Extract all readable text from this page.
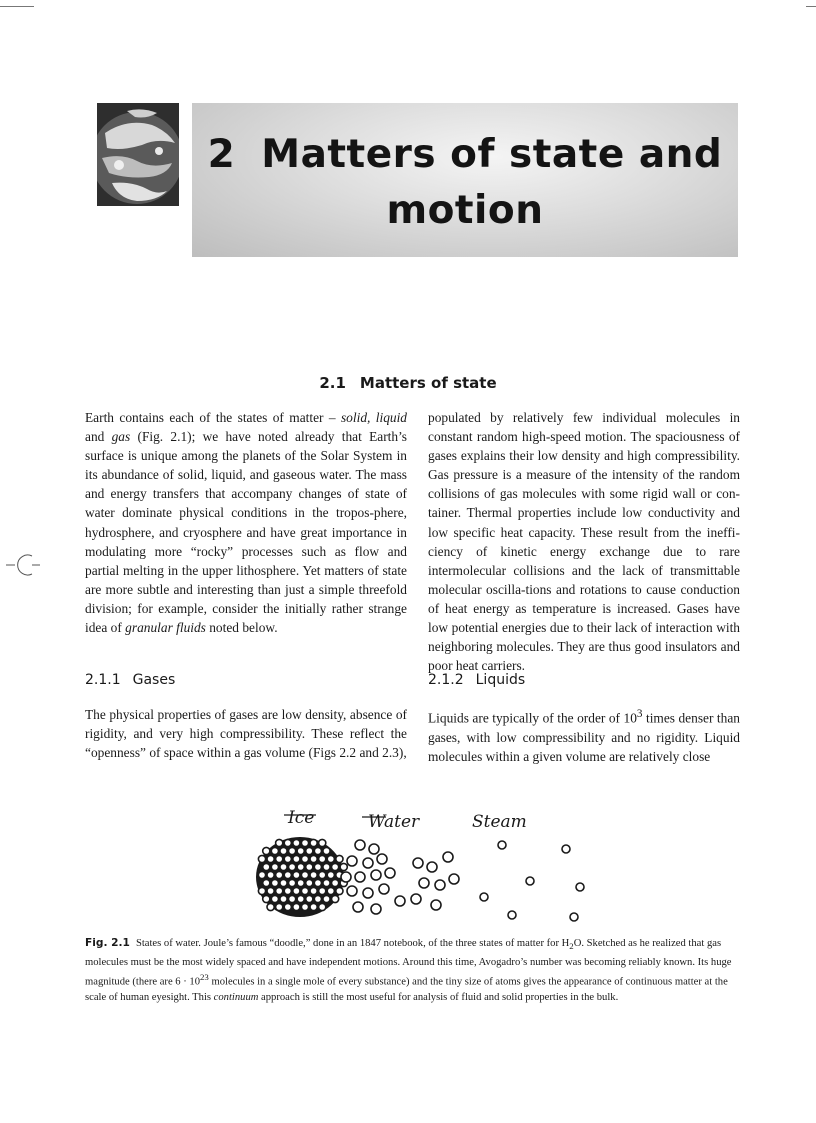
2 Matters of state and
motion
2.1 Matters of state

Earth contains each of the states of matter – solid, liquid and gas (Fig. 2.1); we have noted already that Earth’s surface is unique among the planets of the Solar System in its abundance of solid, liquid, and gaseous water. The mass and energy transfers that accompany changes of state of water dominate physical conditions in the tropos-phere, hydrosphere, and cryosphere and have great importance in modulating more “rocky” processes such as flow and partial melting in the upper lithosphere. Yet matters of state are more subtle and interesting than just a simple threefold division; for example, consider the initially rather strange idea of granular fluids noted below.

populated by relatively few individual molecules in constant random high-speed motion. The spaciousness of gases explains their low density and high compressibility. Gas pressure is a measure of the intensity of the random collisions of gas molecules with some rigid wall or con-tainer. Thermal properties include low conductivity and low specific heat capacity. These result from the ineffi-ciency of kinetic energy exchange due to rare intermolecular collisions and the lack of transmittable molecular oscilla-tions and rotations to cause conduction of heat energy as temperature is increased. Gases have low potential energies due to their lack of interaction with neighboring molecules. They are thus good insulators and poor heat carriers.

2.1.1 Gases	2.1.2 Liquids

The physical properties of gases are low density, absence of rigidity, and very high compressibility. These reflect the “openness” of space within a gas volume (Figs 2.2 and 2.3),

Liquids are typically of the order of $10^3$ times denser than gases, with low compressibility and no rigidity. Liquid molecules within a given volume are relatively close

Ice	Water	Steam
Fig. 2.1 States of water. Joule’s famous “doodle,” done in an 1847 notebook, of the three states of matter for $H_2O$. Sketched as he realized that gas molecules must be the most widely spaced and have independent motions. Around this time, Avogadro’s number was becoming reliably known. Its huge magnitude (there are $6 \cdot 10^{23}$ molecules in a single mole of every substance) and the tiny size of atoms gives the appearance of continuous matter at the scale of human eyesight. This continuum approach is still the most useful for analysis of fluid and solid properties in the bulk.
